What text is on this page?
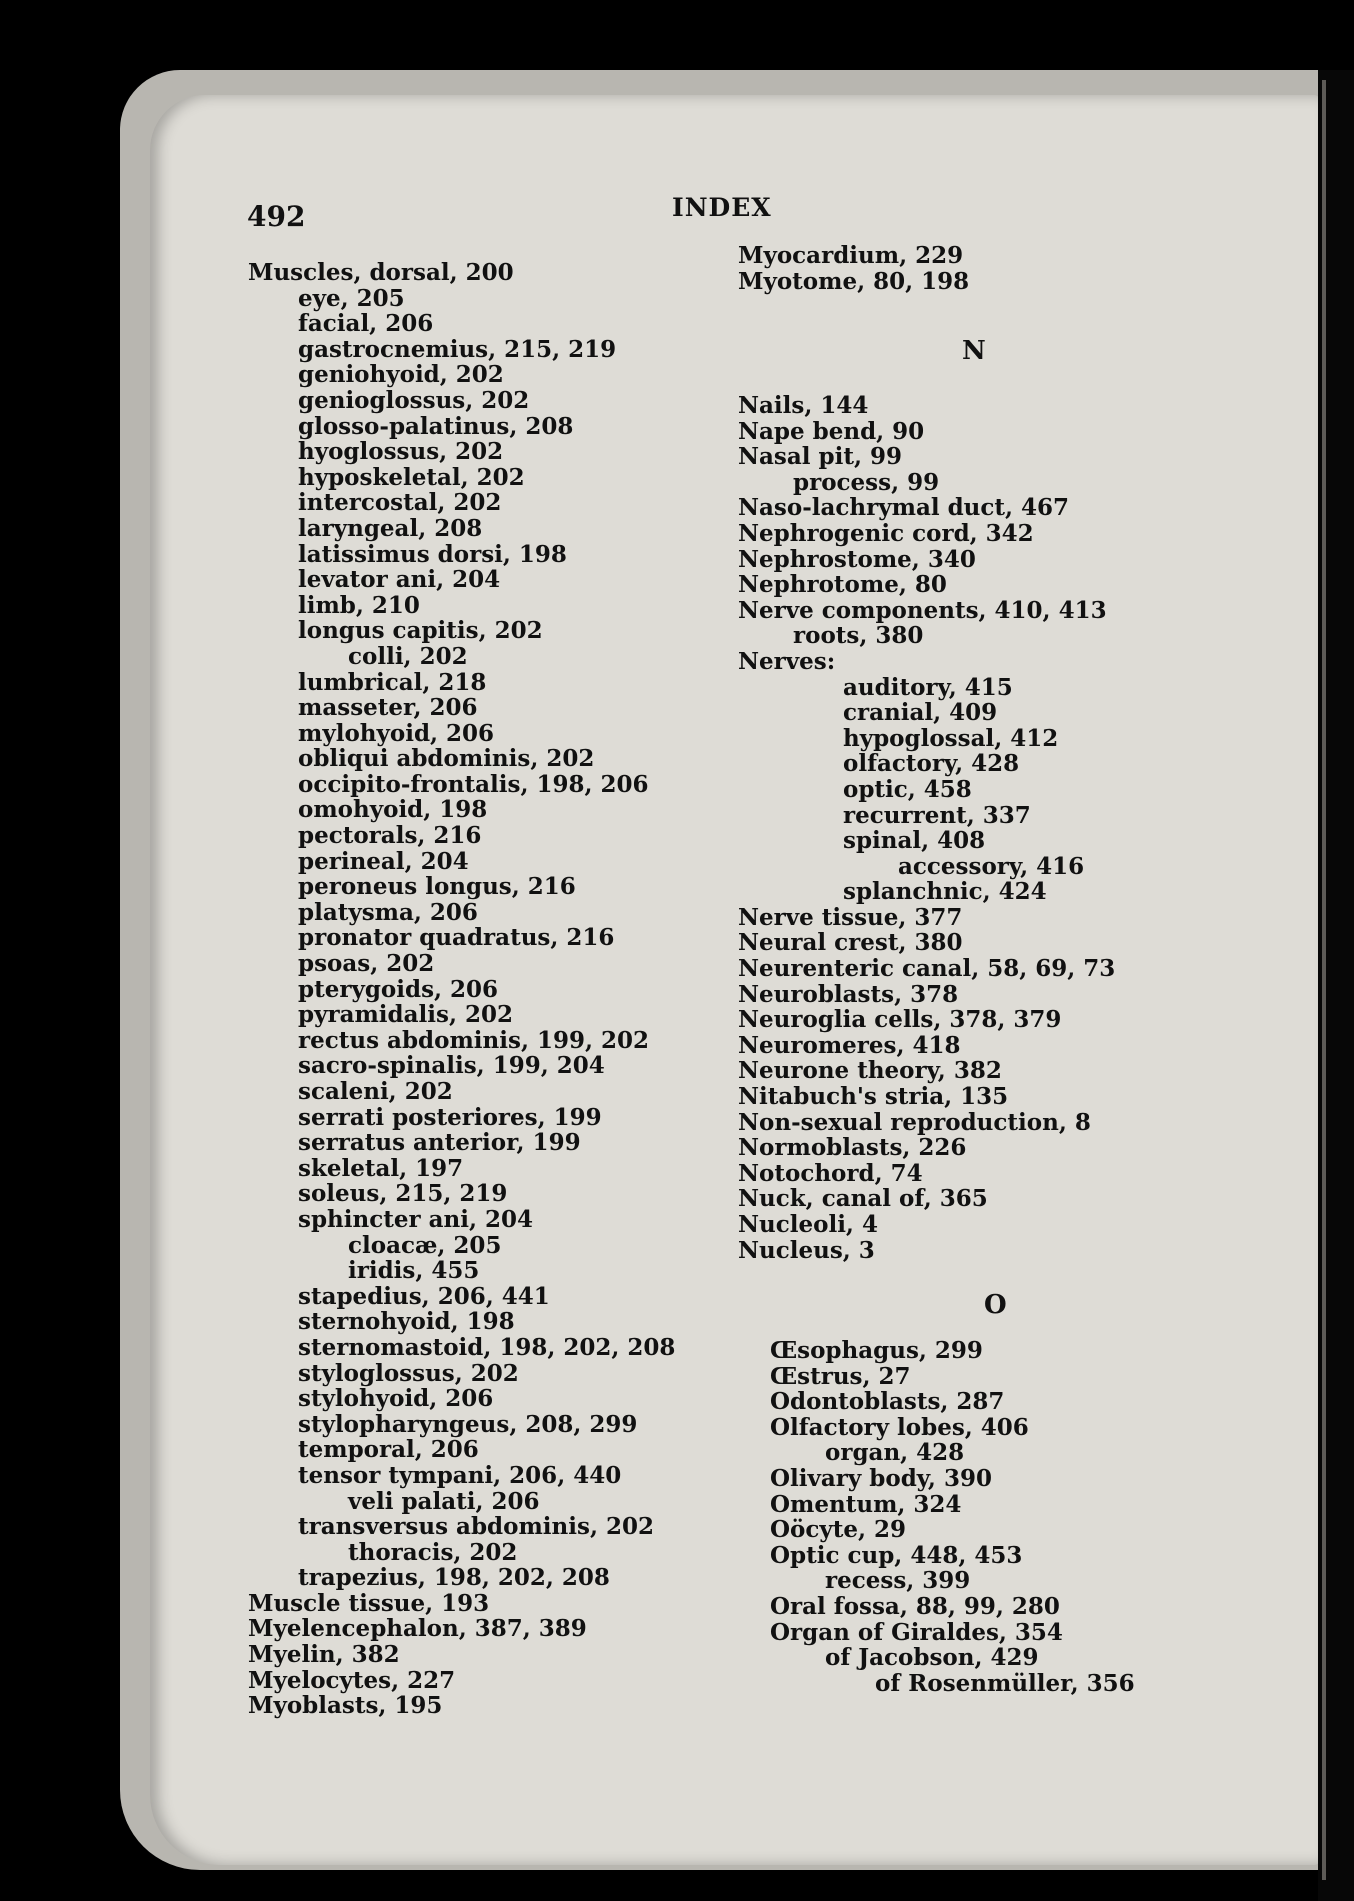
492	INDEX
Muscles, dorsal, 200
eye, 205
facial, 206
gastrocnemius, 215, 219
geniohyoid, 202
genioglossus, 202
glosso-palatinus, 208
hyoglossus, 202
hyposkeletal, 202
intercostal, 202
laryngeal, 208
latissimus dorsi, 198
levator ani, 204
limb, 210
longus capitis, 202
colli, 202
lumbrical, 218
masseter, 206
mylohyoid, 206
obliqui abdominis, 202
occipito-frontalis, 198, 206
omohyoid, 198
pectorals, 216
perineal, 204
peroneus longus, 216
platysma, 206
pronator quadratus, 216
psoas, 202
pterygoids, 206
pyramidalis, 202
rectus abdominis, 199, 202
sacro-spinalis, 199, 204
scaleni, 202
serrati posteriores, 199
serratus anterior, 199
skeletal, 197
soleus, 215, 219
sphincter ani, 204
cloacæ, 205
iridis, 455
stapedius, 206, 441
sternohyoid, 198
sternomastoid, 198, 202, 208
styloglossus, 202
stylohyoid, 206
stylopharyngeus, 208, 299
temporal, 206
tensor tympani, 206, 440
veli palati, 206
transversus abdominis, 202
thoracis, 202
trapezius, 198, 202, 208
Muscle tissue, 193
Myelencephalon, 387, 389
Myelin, 382
Myelocytes, 227
Myoblasts, 195
Myocardium, 229
Myotome, 80, 198
N
Nails, 144
Nape bend, 90
Nasal pit, 99
process, 99
Naso-lachrymal duct, 467
Nephrogenic cord, 342
Nephrostome, 340
Nephrotome, 80
Nerve components, 410, 413
roots, 380
Nerves:
auditory, 415
cranial, 409
hypoglossal, 412
olfactory, 428
optic, 458
recurrent, 337
spinal, 408
accessory, 416
splanchnic, 424
Nerve tissue, 377
Neural crest, 380
Neurenteric canal, 58, 69, 73
Neuroblasts, 378
Neuroglia cells, 378, 379
Neuromeres, 418
Neurone theory, 382
Nitabuch's stria, 135
Non-sexual reproduction, 8
Normoblasts, 226
Notochord, 74
Nuck, canal of, 365
Nucleoli, 4
Nucleus, 3
O
Œsophagus, 299
Œstrus, 27
Odontoblasts, 287
Olfactory lobes, 406
organ, 428
Olivary body, 390
Omentum, 324
Oöcyte, 29
Optic cup, 448, 453
recess, 399
Oral fossa, 88, 99, 280
Organ of Giraldes, 354
of Jacobson, 429
of Rosenmüller, 356
